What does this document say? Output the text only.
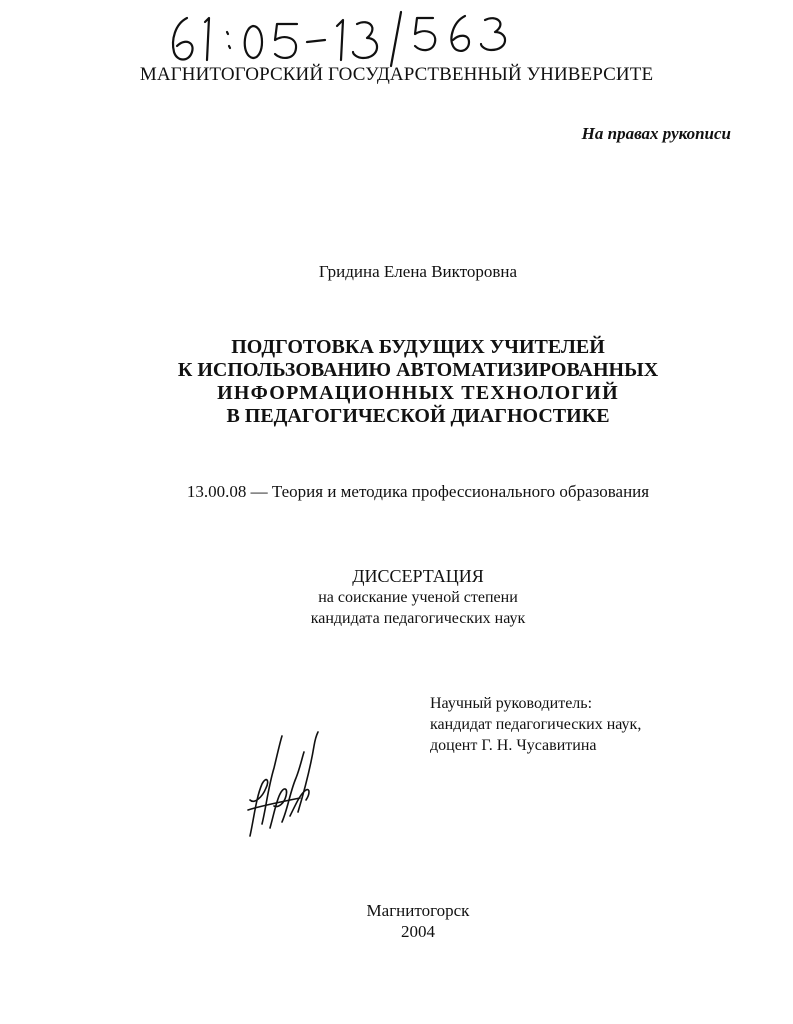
МАГНИТОГОРСКИЙ ГОСУДАРСТВЕННЫЙ УНИВЕРСИТЕ
На правах рукописи
Гридина Елена Викторовна
ПОДГОТОВКА БУДУЩИХ УЧИТЕЛЕЙ
К ИСПОЛЬЗОВАНИЮ АВТОМАТИЗИРОВАННЫХ
ИНФОРМАЦИОННЫХ ТЕХНОЛОГИЙ
В ПЕДАГОГИЧЕСКОЙ ДИАГНОСТИКЕ
13.00.08 — Теория и методика профессионального образования
ДИССЕРТАЦИЯ
на соискание ученой степени
кандидата педагогических наук
Научный руководитель:
кандидат педагогических наук,
доцент Г. Н. Чусавитина
Магнитогорск
2004
